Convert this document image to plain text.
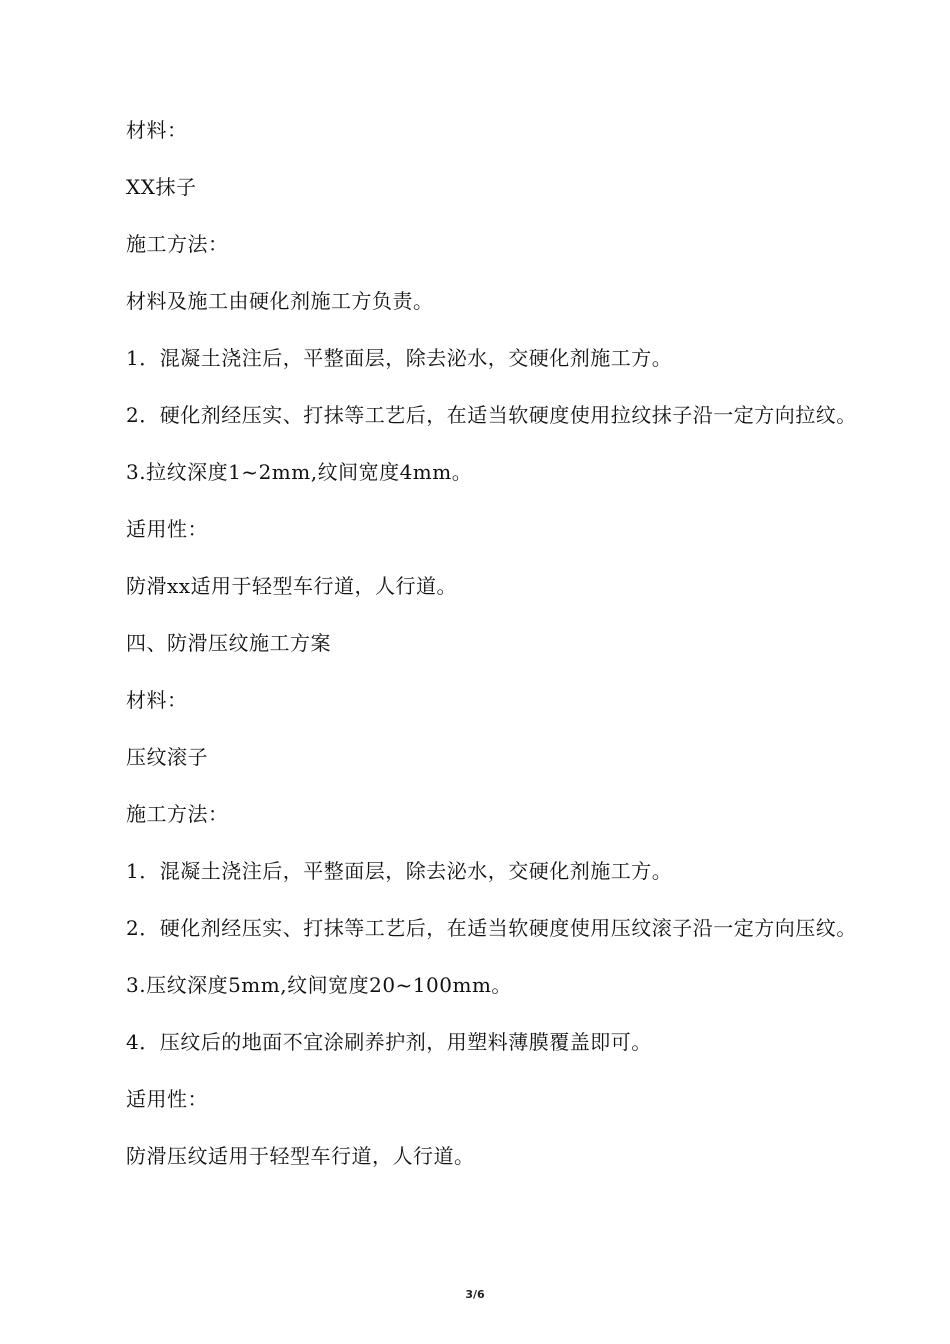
材料：

XX抹子

施工方法：

材料及施工由硬化剂施工方负责。

1．混凝土浇注后，平整面层，除去泌水，交硬化剂施工方。

2．硬化剂经压实、打抹等工艺后，在适当软硬度使用拉纹抹子沿一定方向拉纹。

3.拉纹深度1~2mm,纹间宽度4mm。

适用性：

防滑xx适用于轻型车行道，人行道。

四、防滑压纹施工方案

材料：

压纹滚子

施工方法：

1．混凝土浇注后，平整面层，除去泌水，交硬化剂施工方。

2．硬化剂经压实、打抹等工艺后，在适当软硬度使用压纹滚子沿一定方向压纹。

3.压纹深度5mm,纹间宽度20~100mm。

4．压纹后的地面不宜涂刷养护剂，用塑料薄膜覆盖即可。

适用性：

防滑压纹适用于轻型车行道，人行道。

3/6
